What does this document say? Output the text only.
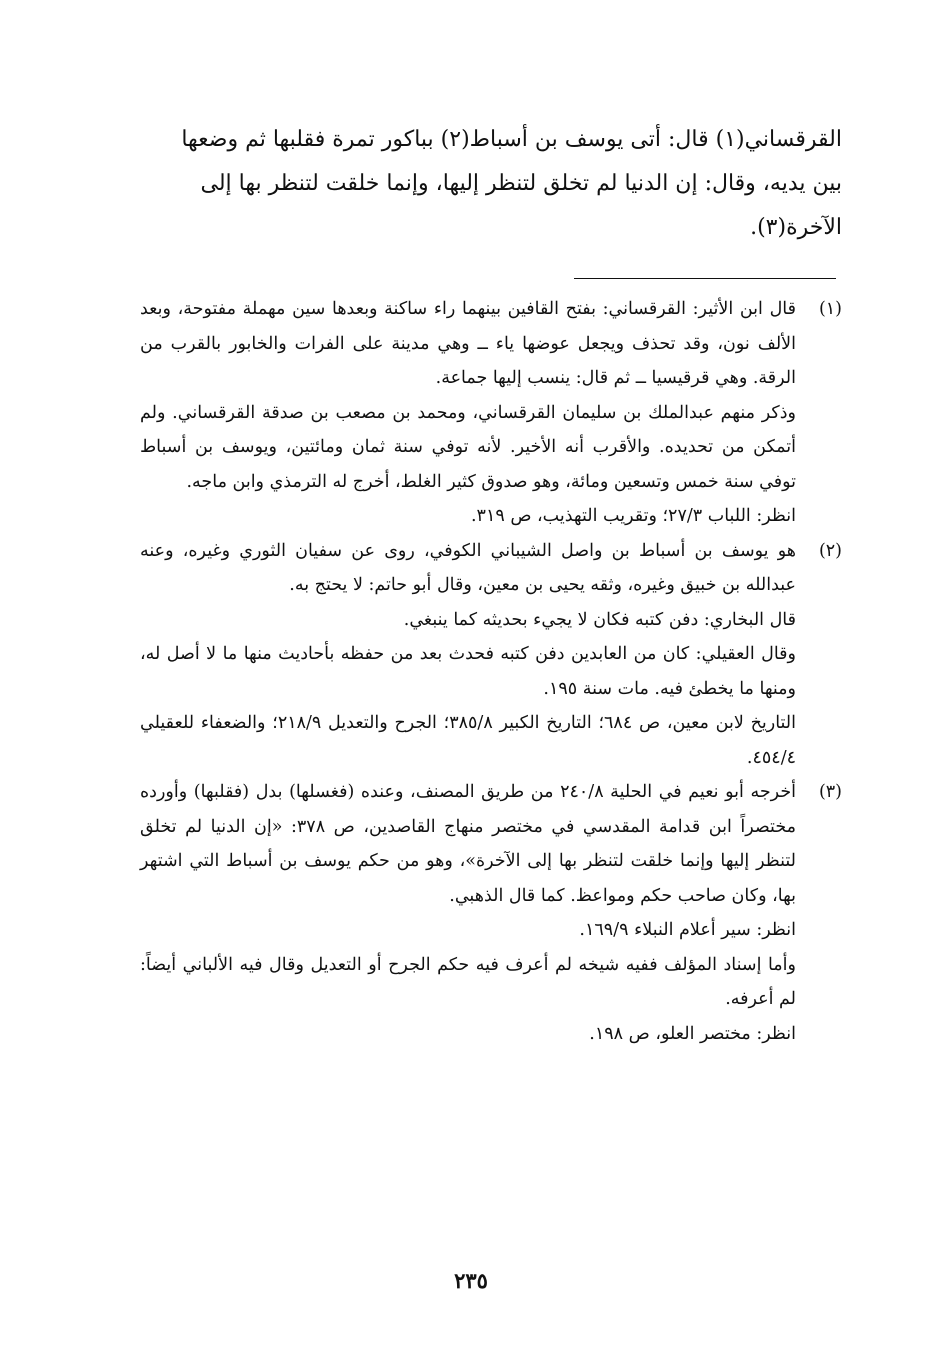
القرقساني(١) قال: أتى يوسف بن أسباط(٢) بباكور تمرة فقلبها ثم وضعها

بين يديه، وقال: إن الدنيا لم تخلق لتنظر إليها، وإنما خلقت لتنظر بها إلى

الآخرة(٣).

(١)

قال ابن الأثير: القرقساني: بفتح القافين بينهما راء ساكنة وبعدها سين مهملة مفتوحة، وبعد الألف نون، وقد تحذف ويجعل عوضها ياء ــ وهي مدينة على الفرات والخابور بالقرب من الرقة. وهي قرقيسيا ــ ثم قال: ينسب إليها جماعة.

وذكر منهم عبدالملك بن سليمان القرقساني، ومحمد بن مصعب بن صدقة القرقساني. ولم أتمكن من تحديده. والأقرب أنه الأخير. لأنه توفي سنة ثمان ومائتين، ويوسف بن أسباط توفي سنة خمس وتسعين ومائة، وهو صدوق كثير الغلط، أخرج له الترمذي وابن ماجه.

انظر: اللباب ٢٧/٣؛ وتقريب التهذيب، ص ٣١٩.

(٢)

هو يوسف بن أسباط بن واصل الشيباني الكوفي، روى عن سفيان الثوري وغيره، وعنه عبدالله بن خبيق وغيره، وثقه يحيى بن معين، وقال أبو حاتم: لا يحتج به.

قال البخاري: دفن كتبه فكان لا يجيء بحديثه كما ينبغي.

وقال العقيلي: كان من العابدين دفن كتبه فحدث بعد من حفظه بأحاديث منها ما لا أصل له، ومنها ما يخطئ فيه. مات سنة ١٩٥.

التاريخ لابن معين، ص ٦٨٤؛ التاريخ الكبير ٣٨٥/٨؛ الجرح والتعديل ٢١٨/٩؛ والضعفاء للعقيلي ٤٥٤/٤.

(٣)

أخرجه أبو نعيم في الحلية ٢٤٠/٨ من طريق المصنف، وعنده (فغسلها) بدل (فقلبها) وأورده مختصراً ابن قدامة المقدسي في مختصر منهاج القاصدين، ص ٣٧٨: «إن الدنيا لم تخلق لتنظر إليها وإنما خلقت لتنظر بها إلى الآخرة»، وهو من حكم يوسف بن أسباط التي اشتهر بها، وكان صاحب حكم ومواعظ. كما قال الذهبي.

انظر: سير أعلام النبلاء ١٦٩/٩.

وأما إسناد المؤلف ففيه شيخه لم أعرف فيه حكم الجرح أو التعديل وقال فيه الألباني أيضاً: لم أعرفه.

انظر: مختصر العلو، ص ١٩٨.

٢٣٥
